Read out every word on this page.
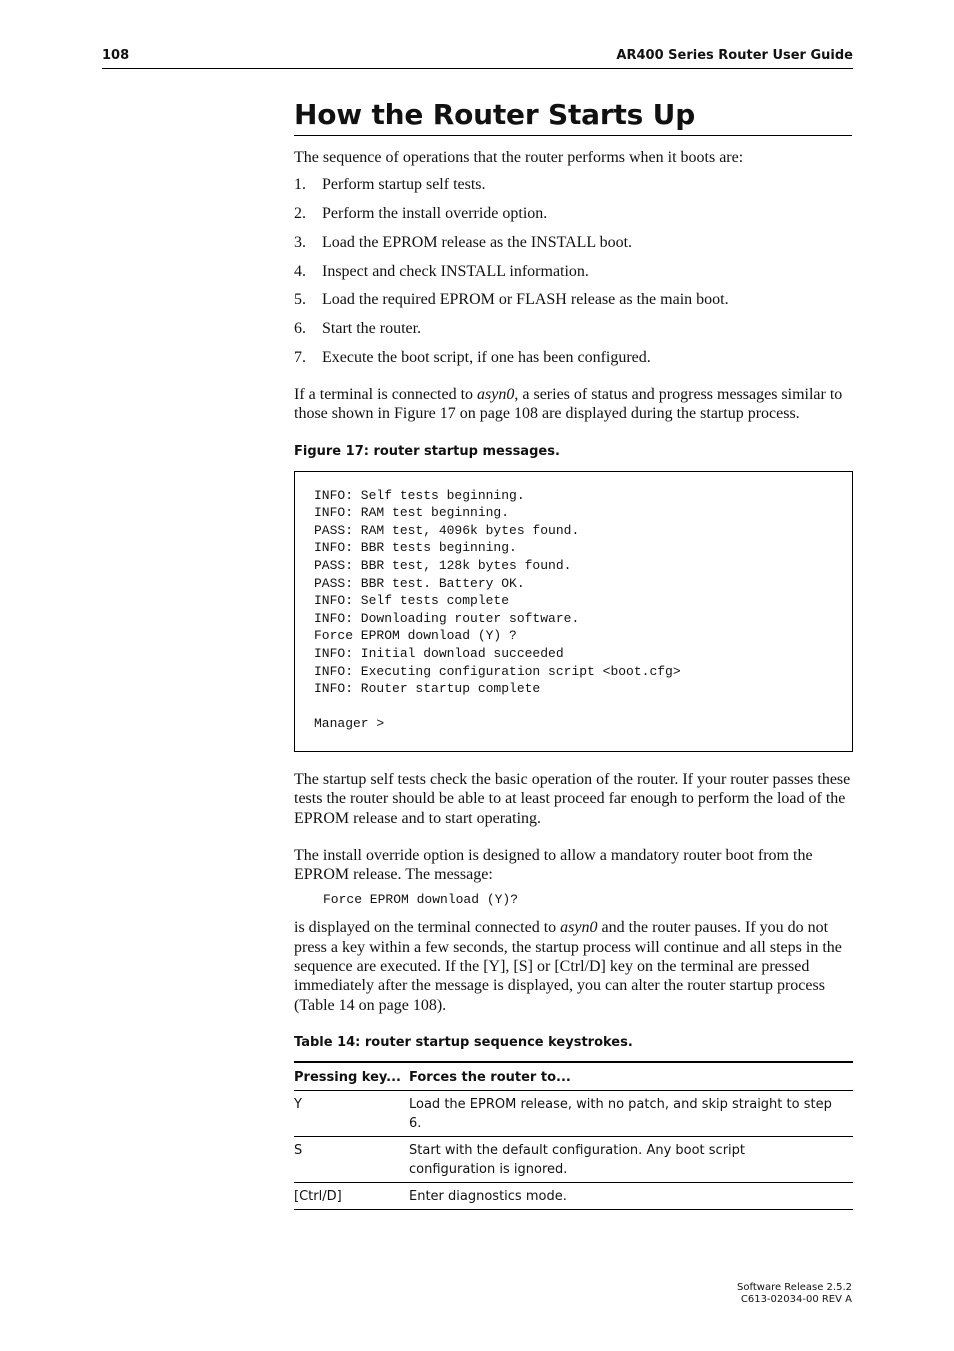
108	AR400 Series Router User Guide
How the Router Starts Up

The sequence of operations that the router performs when it boots are:

1. Perform startup self tests.
2. Perform the install override option.
3. Load the EPROM release as the INSTALL boot.
4. Inspect and check INSTALL information.
5. Load the required EPROM or FLASH release as the main boot.
6. Start the router.
7. Execute the boot script, if one has been configured.

If a terminal is connected to asyn0, a series of status and progress messages similar to those shown in Figure 17 on page 108 are displayed during the startup process.

Figure 17: router startup messages.
INFO: Self tests beginning.
INFO: RAM test beginning.
PASS: RAM test, 4096k bytes found.
INFO: BBR tests beginning.
PASS: BBR test, 128k bytes found.
PASS: BBR test. Battery OK.
INFO: Self tests complete
INFO: Downloading router software.
Force EPROM download (Y) ?
INFO: Initial download succeeded
INFO: Executing configuration script <boot.cfg>
INFO: Router startup complete
Manager >

The startup self tests check the basic operation of the router. If your router passes these tests the router should be able to at least proceed far enough to perform the load of the EPROM release and to start operating.

The install override option is designed to allow a mandatory router boot from the EPROM release. The message:

Force EPROM download (Y)?

is displayed on the terminal connected to asyn0 and the router pauses. If you do not press a key within a few seconds, the startup process will continue and all steps in the sequence are executed. If the [Y], [S] or [Ctrl/D] key on the terminal are pressed immediately after the message is displayed, you can alter the router startup process (Table 14 on page 108).

Table 14: router startup sequence keystrokes.
Pressing key...	Forces the router to...
Y	Load the EPROM release, with no patch, and skip straight to step 6.
S	Start with the default configuration. Any boot script configuration is ignored.
[Ctrl/D]	Enter diagnostics mode.
Software Release 2.5.2
C613-02034-00 REV A
